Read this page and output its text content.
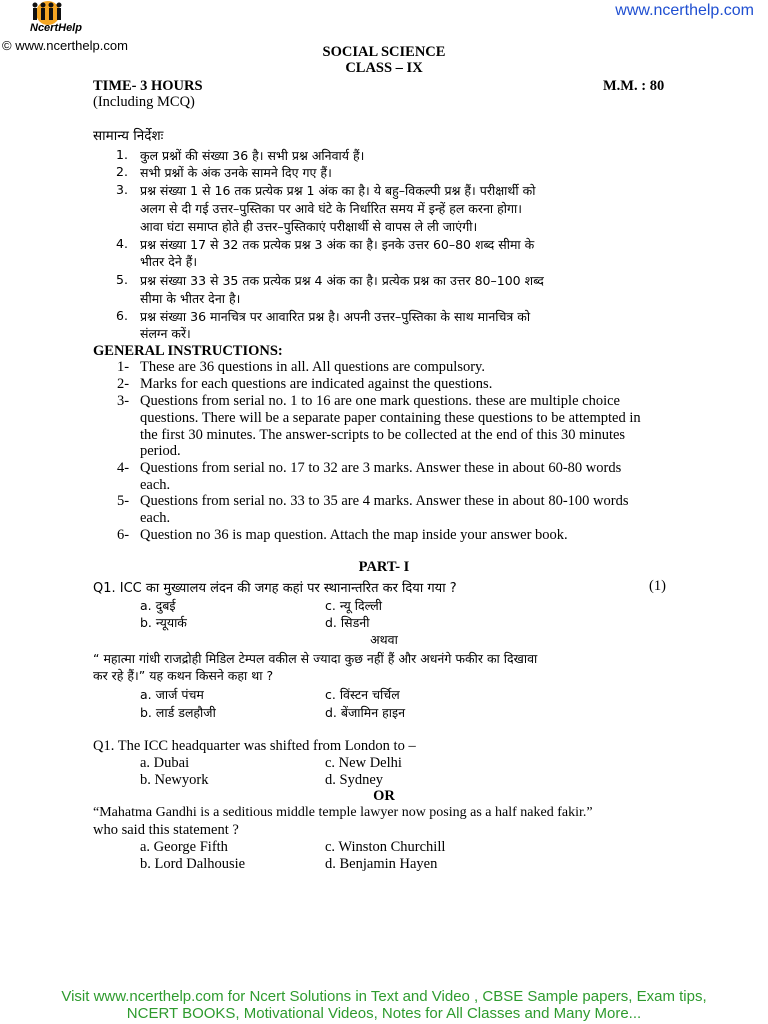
NcertHelp
www.ncerthelp.com
© www.ncerthelp.com	SOCIAL SCIENCE
CLASS – IX
TIME- 3 HOURS	M.M. : 80
(Including MCQ)
सामान्य निर्देशः
1. कुल प्रश्नों की संख्या 36 है। सभी प्रश्न अनिवार्य हैं।
2. सभी प्रश्नों के अंक उनके सामने दिए गए हैं।
3. प्रश्न संख्या 1 से 16 तक प्रत्येक प्रश्न 1 अंक का है। ये बहु–विकल्पी प्रश्न हैं। परीक्षार्थी को
अलग से दी गई उत्तर–पुस्तिका पर आवे घंटे के निर्धारित समय में इन्हें हल करना होगा।
आवा घंटा समाप्त होते ही उत्तर–पुस्तिकाएं परीक्षार्थी से वापस ले ली जाएंगी।
4. प्रश्न संख्या 17 से 32 तक प्रत्येक प्रश्न 3 अंक का है। इनके उत्तर 60–80 शब्द सीमा के
भीतर देने हैं।
5. प्रश्न संख्या 33 से 35 तक प्रत्येक प्रश्न 4 अंक का है। प्रत्येक प्रश्न का उत्तर 80–100 शब्द
सीमा के भीतर देना है।
6. प्रश्न संख्या 36 मानचित्र पर आवारित प्रश्न है। अपनी उत्तर–पुस्तिका के साथ मानचित्र को
संलग्न करें।
GENERAL INSTRUCTIONS:
1- These are 36 questions in all. All questions are compulsory.
2- Marks for each questions are indicated against the questions.
3- Questions from serial no. 1 to 16 are one mark questions. these are multiple choice
questions. There will be a separate paper containing these questions to be attempted in
the first 30 minutes. The answer-scripts to be collected at the end of this 30 minutes
period.
4- Questions from serial no. 17 to 32 are 3 marks. Answer these in about 60-80 words
each.
5- Questions from serial no. 33 to 35 are 4 marks. Answer these in about 80-100 words
each.
6- Question no 36 is map question. Attach the map inside your answer book.
PART- I
Q1. ICC का मुख्यालय लंदन की जगह कहां पर स्थानान्तरित कर दिया गया ?	(1)
a. दुबई	c. न्यू दिल्ली
b. न्यूयार्क	d. सिडनी
अथवा
“ महात्मा गांधी राजद्रोही मिडिल टेम्पल वकील से ज्यादा कुछ नहीं हैं और अधनंगे फकीर का दिखावा
कर रहे हैं।” यह कथन किसने कहा था ?
a. जार्ज पंचम	c. विंस्टन चर्चिल
b. लार्ड डलहौजी	d. बेंजामिन हाइन
Q1. The ICC headquarter was shifted from London to –
a. Dubai	c. New Delhi
b. Newyork	d. Sydney
OR
“Mahatma Gandhi is a seditious middle temple lawyer now posing as a half naked fakir.”
who said this statement ?
a. George Fifth	c. Winston Churchill
b. Lord Dalhousie	d. Benjamin Hayen
Visit www.ncerthelp.com for Ncert Solutions in Text and Video , CBSE Sample papers, Exam tips,
NCERT BOOKS, Motivational Videos, Notes for All Classes and Many More...
